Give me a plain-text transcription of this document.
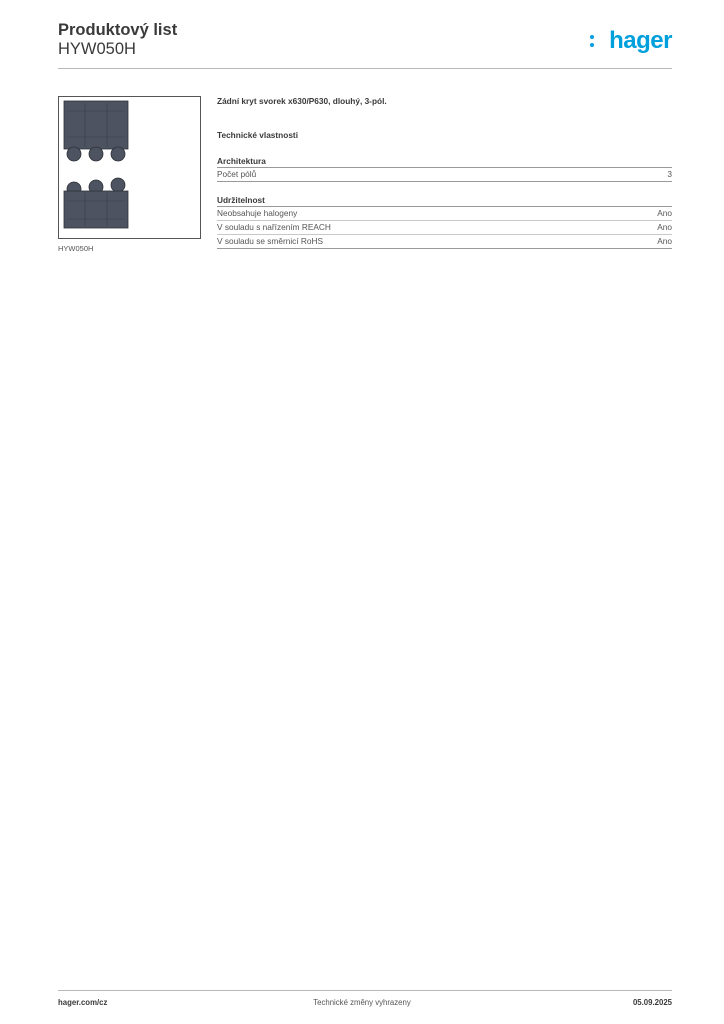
Produktový list
HYW050H	hager
HYW050H
Zádní kryt svorek x630/P630, dlouhý, 3-pól.
Technické vlastnosti
Architektura
Počet pólů	3
Udržitelnost
Neobsahuje halogeny	Ano
V souladu s nařízením REACH	Ano
V souladu se směrnicí RoHS	Ano
hager.com/cz	Technické změny vyhrazeny	05.09.2025
